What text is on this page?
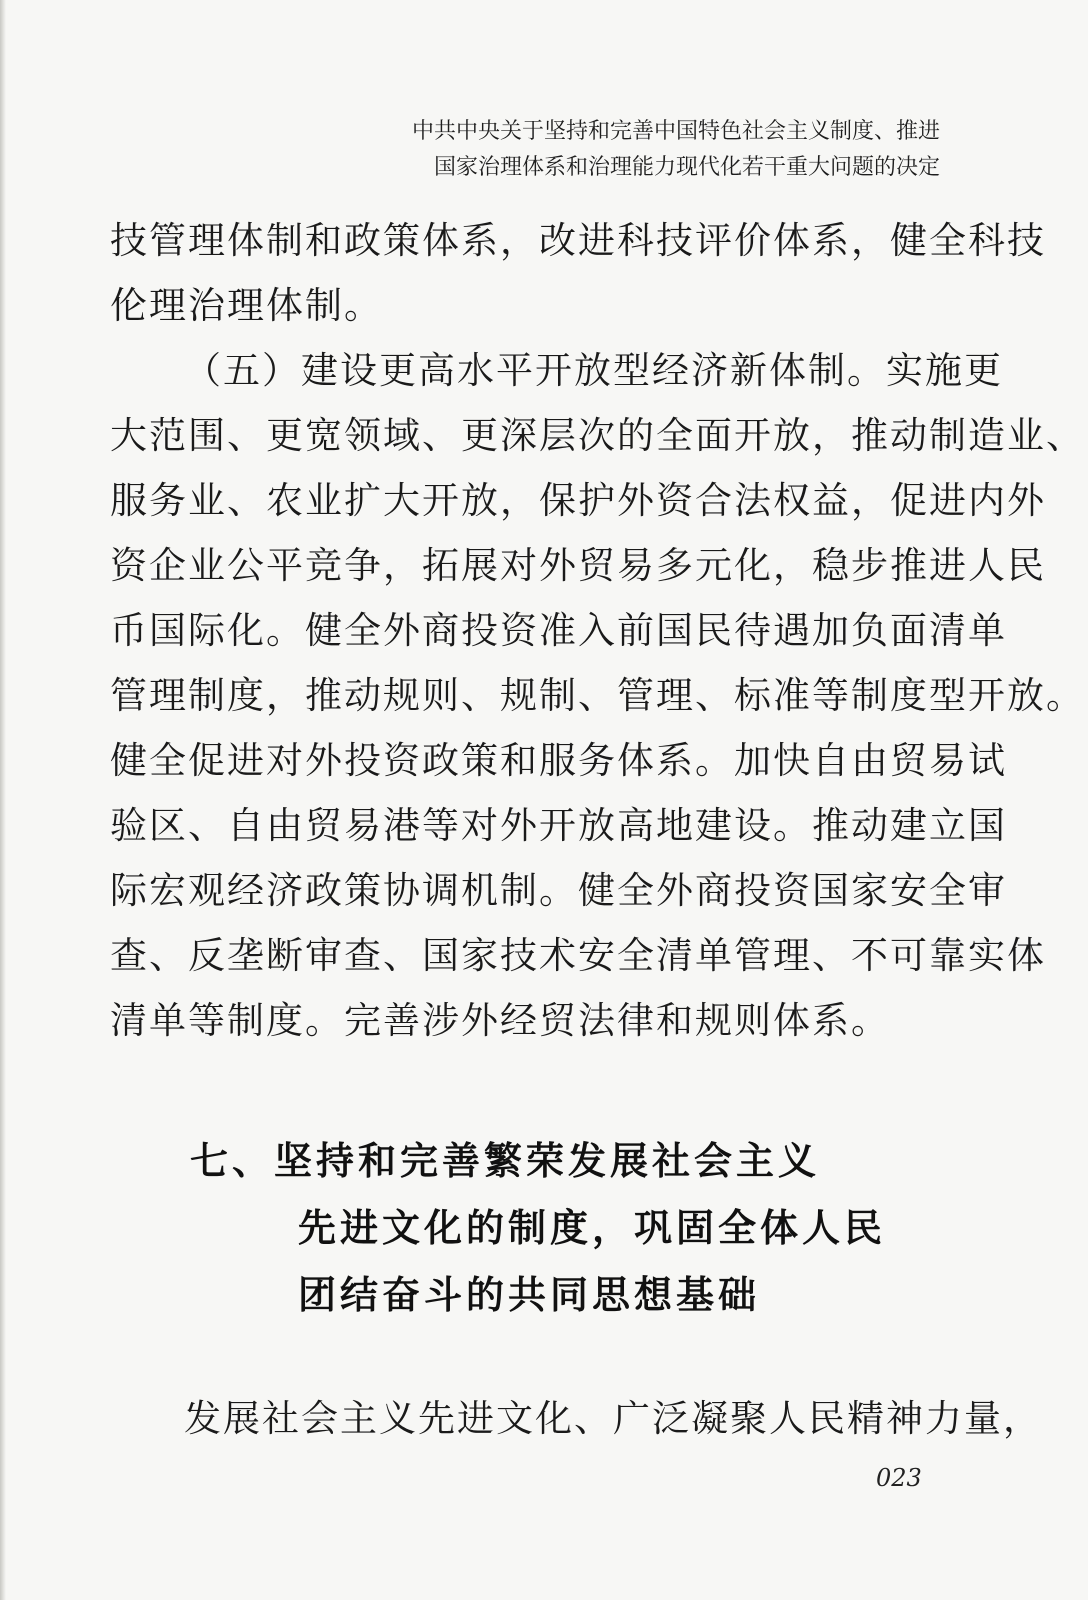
中共中央关于坚持和完善中国特色社会主义制度、推进
国家治理体系和治理能力现代化若干重大问题的决定
技管理体制和政策体系，改进科技评价体系，健全科技
伦理治理体制。
（五）建设更高水平开放型经济新体制。实施更
大范围、更宽领域、更深层次的全面开放，推动制造业、
服务业、农业扩大开放，保护外资合法权益，促进内外
资企业公平竞争，拓展对外贸易多元化，稳步推进人民
币国际化。健全外商投资准入前国民待遇加负面清单
管理制度，推动规则、规制、管理、标准等制度型开放。
健全促进对外投资政策和服务体系。加快自由贸易试
验区、自由贸易港等对外开放高地建设。推动建立国
际宏观经济政策协调机制。健全外商投资国家安全审
查、反垄断审查、国家技术安全清单管理、不可靠实体
清单等制度。完善涉外经贸法律和规则体系。
七、坚持和完善繁荣发展社会主义
先进文化的制度，巩固全体人民
团结奋斗的共同思想基础
发展社会主义先进文化、广泛凝聚人民精神力量，
023
